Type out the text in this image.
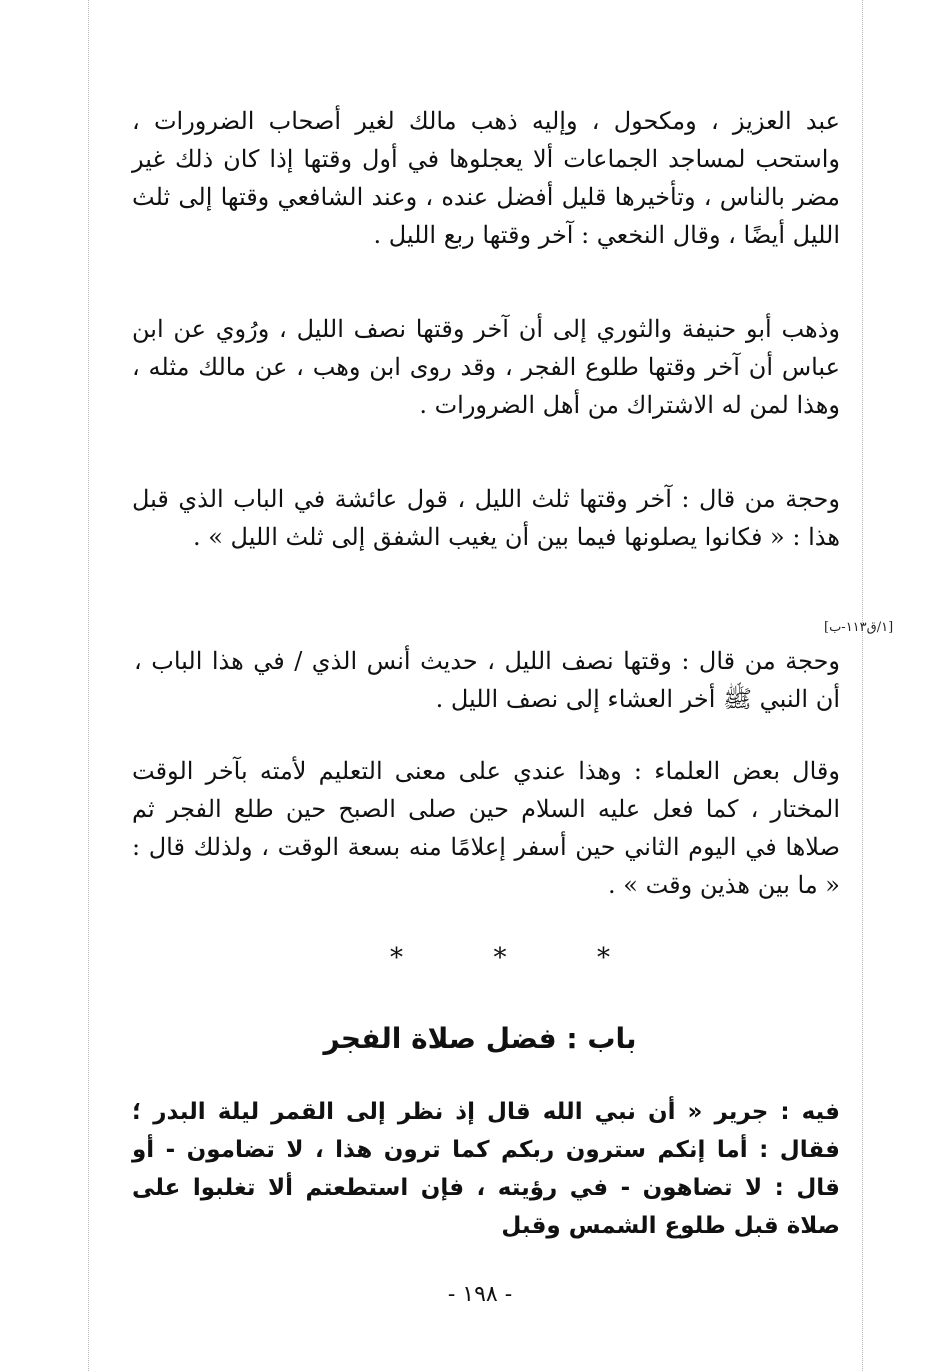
عبد العزيز ، ومكحول ، وإليه ذهب مالك لغير أصحاب الضرورات ، واستحب لمساجد الجماعات ألا يعجلوها في أول وقتها إذا كان ذلك غير مضر بالناس ، وتأخيرها قليل أفضل عنده ، وعند الشافعي وقتها إلى ثلث الليل أيضًا ، وقال النخعي : آخر وقتها ربع الليل .

وذهب أبو حنيفة والثوري إلى أن آخر وقتها نصف الليل ، ورُوي عن ابن عباس أن آخر وقتها طلوع الفجر ، وقد روى ابن وهب ، عن مالك مثله ، وهذا لمن له الاشتراك من أهل الضرورات .

وحجة من قال : آخر وقتها ثلث الليل ، قول عائشة في الباب الذي قبل هذا : « فكانوا يصلونها فيما بين أن يغيب الشفق إلى ثلث الليل » .

[١/ق١١٣-ب]

وحجة من قال : وقتها نصف الليل ، حديث أنس الذي / في هذا الباب ، أن النبي ﷺ أخر العشاء إلى نصف الليل .

وقال بعض العلماء : وهذا عندي على معنى التعليم لأمته بآخر الوقت المختار ، كما فعل عليه السلام حين صلى الصبح حين طلع الفجر ثم صلاها في اليوم الثاني حين أسفر إعلامًا منه بسعة الوقت ، ولذلك قال : « ما بين هذين وقت » .

*	*	*
باب : فضل صلاة الفجر

فيه : جرير « أن نبي الله قال إذ نظر إلى القمر ليلة البدر ؛ فقال : أما إنكم سترون ربكم كما ترون هذا ، لا تضامون - أو قال : لا تضاهون - في رؤيته ، فإن استطعتم ألا تغلبوا على صلاة قبل طلوع الشمس وقبل

- ١٩٨ -
